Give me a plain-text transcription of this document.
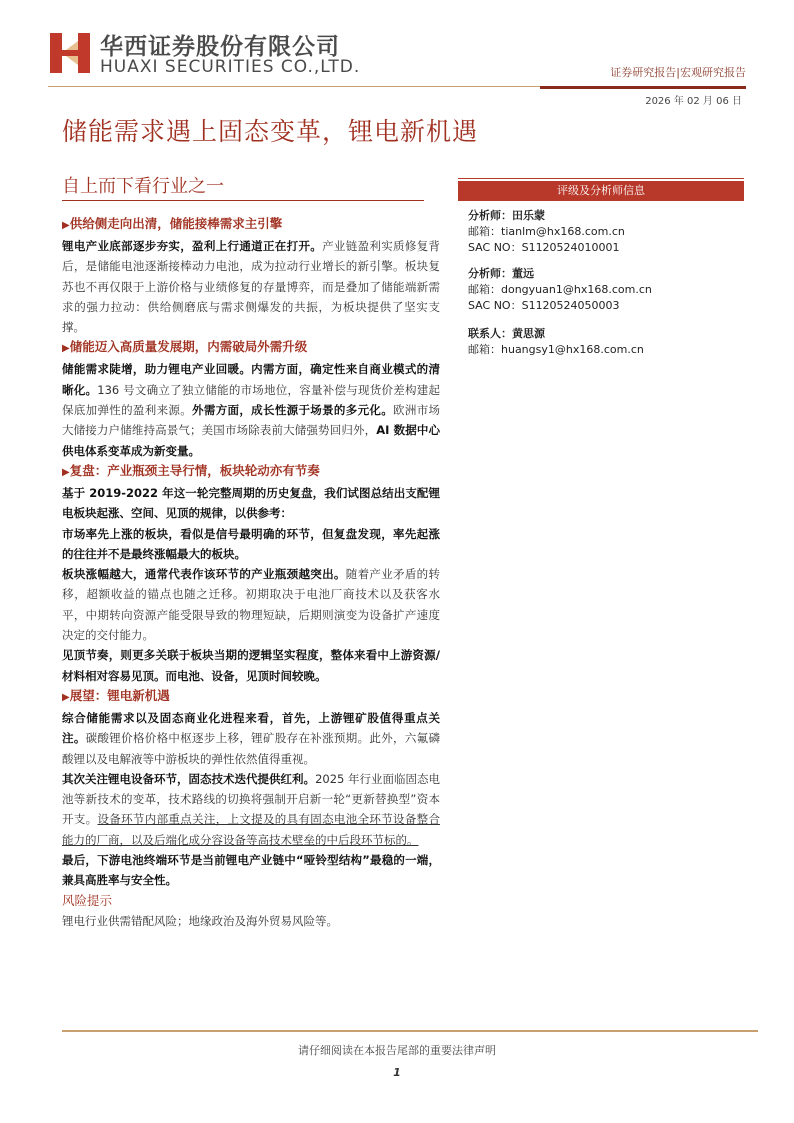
华西证券股份有限公司
HUAXI SECURITIES CO.,LTD.	证券研究报告|宏观研究报告
2026 年 02 月 06 日
储能需求遇上固态变革，锂电新机遇
自上而下看行业之一
▶供给侧走向出清，储能接棒需求主引擎
锂电产业底部逐步夯实，盈利上行通道正在打开。产业链盈利实质修复背后，是储能电池逐渐接棒动力电池，成为拉动行业增长的新引擎。板块复苏也不再仅限于上游价格与业绩修复的存量博弈，而是叠加了储能端新需求的强力拉动：供给侧磨底与需求侧爆发的共振，为板块提供了坚实支撑。
▶储能迈入高质量发展期，内需破局外需升级
储能需求陡增，助力锂电产业回暖。内需方面，确定性来自商业模式的清晰化。136 号文确立了独立储能的市场地位，容量补偿与现货价差构建起保底加弹性的盈利来源。外需方面，成长性源于场景的多元化。欧洲市场大储接力户储维持高景气；美国市场除表前大储强势回归外，AI 数据中心供电体系变革成为新变量。
▶复盘：产业瓶颈主导行情，板块轮动亦有节奏
基于 2019-2022 年这一轮完整周期的历史复盘，我们试图总结出支配锂电板块起涨、空间、见顶的规律，以供参考：
市场率先上涨的板块，看似是信号最明确的环节，但复盘发现，率先起涨的往往并不是最终涨幅最大的板块。
板块涨幅越大，通常代表作该环节的产业瓶颈越突出。随着产业矛盾的转移，超额收益的锚点也随之迁移。初期取决于电池厂商技术以及获客水平，中期转向资源产能受限导致的物理短缺，后期则演变为设备扩产速度决定的交付能力。
见顶节奏，则更多关联于板块当期的逻辑坚实程度，整体来看中上游资源/材料相对容易见顶。而电池、设备，见顶时间较晚。
▶展望：锂电新机遇
综合储能需求以及固态商业化进程来看，首先，上游锂矿股值得重点关注。碳酸锂价格价格中枢逐步上移，锂矿股存在补涨预期。此外，六氟磷酸锂以及电解液等中游板块的弹性依然值得重视。
其次关注锂电设备环节，固态技术迭代提供红利。2025 年行业面临固态电池等新技术的变革，技术路线的切换将强制开启新一轮“更新替换型”资本开支。设备环节内部重点关注，上文提及的具有固态电池全环节设备整合能力的厂商，以及后端化成分容设备等高技术壁垒的中后段环节标的。
最后，下游电池终端环节是当前锂电产业链中“哑铃型结构”最稳的一端，兼具高胜率与安全性。
风险提示
锂电行业供需错配风险；地缘政治及海外贸易风险等。
评级及分析师信息
分析师：田乐蒙
邮箱：tianlm@hx168.com.cn
SAC NO：S1120524010001
分析师：董远
邮箱：dongyuan1@hx168.com.cn
SAC NO：S1120524050003
联系人：黄思源
邮箱：huangsy1@hx168.com.cn
请仔细阅读在本报告尾部的重要法律声明
1
